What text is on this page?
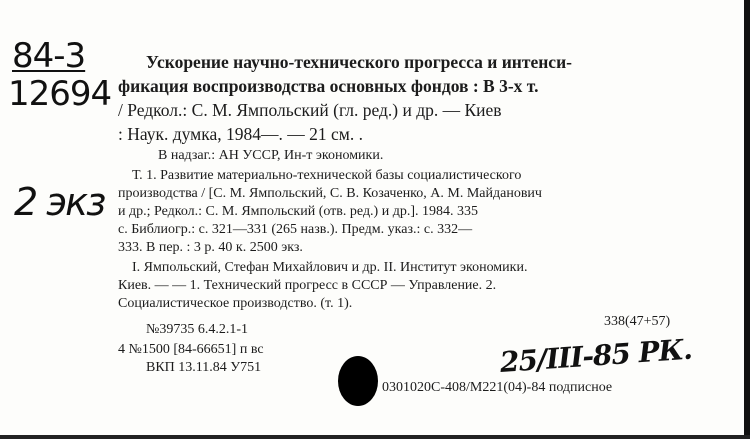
84-3
12694
2 экз
Ускорение научно-технического прогресса и интенси-
фикация воспроизводства основных фондов : В 3-х т.
/ Редкол.: С. М. Ямпольский (гл. ред.) и др. — Киев
: Наук. думка, 1984—. — 21 см. .
В надзаг.: АН УССР, Ин-т экономики.
Т. 1. Развитие материально-технической базы социалистического
производства / [С. М. Ямпольский, С. В. Козаченко, А. М. Майданович
и др.; Редкол.: С. М. Ямпольский (отв. ред.) и др.]. 1984. 335
с. Библиогр.: с. 321—331 (265 назв.). Предм. указ.: с. 332—
333. В пер. : 3 р. 40 к. 2500 экз.
I. Ямпольский, Стефан Михайлович и др. II. Институт экономики.
Киев. — — 1. Технический прогресс в СССР — Управление. 2.
Социалистическое производство. (т. 1).
338(47+57)
№39735 6.4.2.1-1
4 №1500 [84-66651] п вс
ВКП 13.11.84 У751	25/III-85 РК.
0301020C-408/M221(04)-84 подписное
